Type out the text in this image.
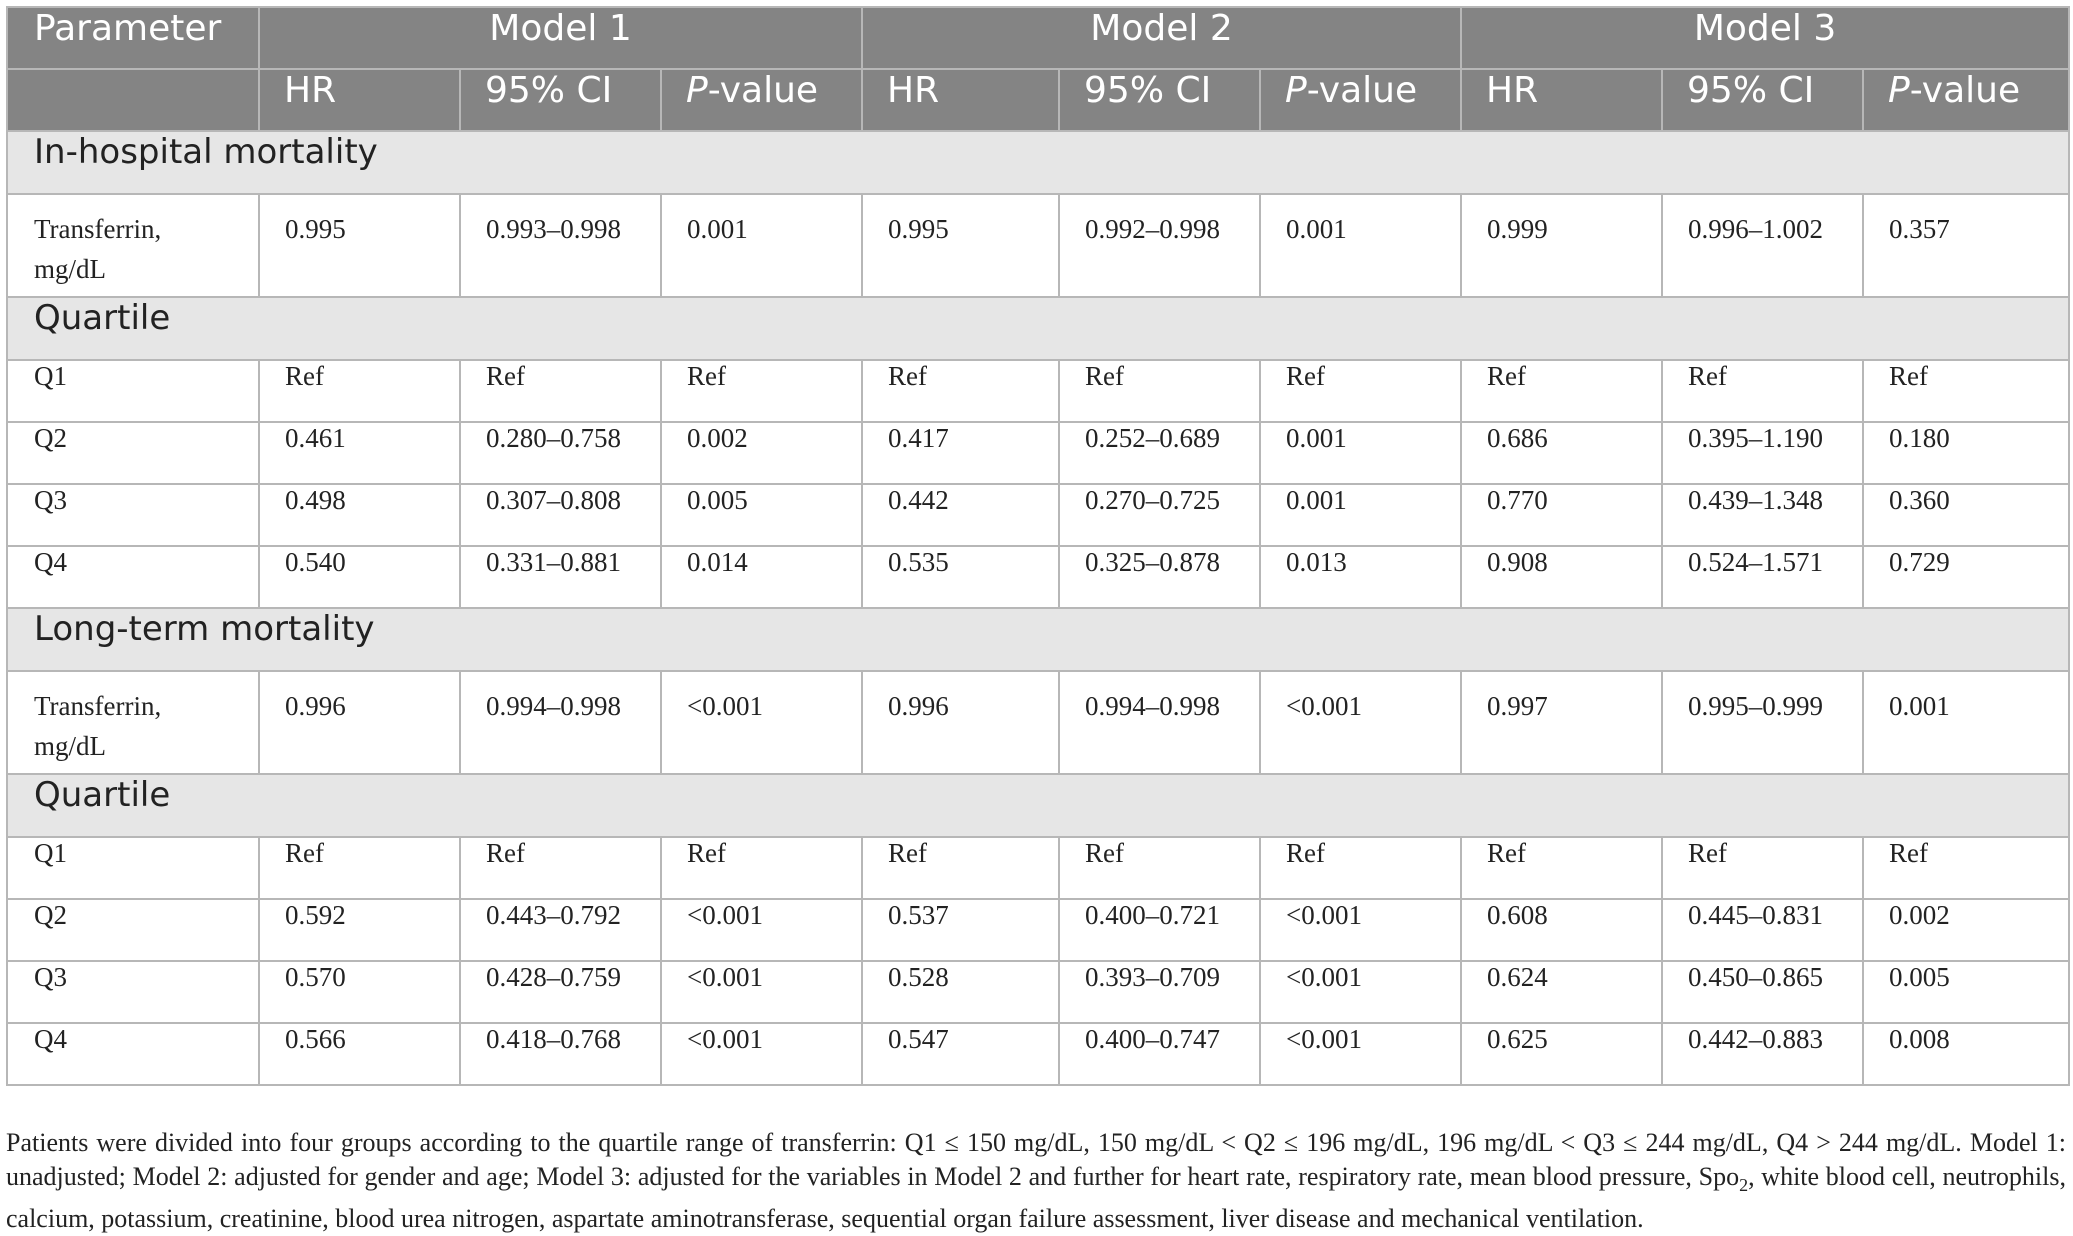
Parameter	Model 1			Model 2			Model 3		

	HR	95% CI	P-value	HR	95% CI	P-value	HR	95% CI	P-value

In-hospital mortality									

Transferrin,
mg/dL	0.995	0.993–0.998	0.001	0.995	0.992–0.998	0.001	0.999	0.996–1.002	0.357

Quartile									

Q1	Ref	Ref	Ref	Ref	Ref	Ref	Ref	Ref	Ref

Q2	0.461	0.280–0.758	0.002	0.417	0.252–0.689	0.001	0.686	0.395–1.190	0.180

Q3	0.498	0.307–0.808	0.005	0.442	0.270–0.725	0.001	0.770	0.439–1.348	0.360

Q4	0.540	0.331–0.881	0.014	0.535	0.325–0.878	0.013	0.908	0.524–1.571	0.729

Long-term mortality									

Transferrin,
mg/dL	0.996	0.994–0.998	<0.001	0.996	0.994–0.998	<0.001	0.997	0.995–0.999	0.001

Quartile									

Q1	Ref	Ref	Ref	Ref	Ref	Ref	Ref	Ref	Ref

Q2	0.592	0.443–0.792	<0.001	0.537	0.400–0.721	<0.001	0.608	0.445–0.831	0.002

Q3	0.570	0.428–0.759	<0.001	0.528	0.393–0.709	<0.001	0.624	0.450–0.865	0.005

Q4	0.566	0.418–0.768	<0.001	0.547	0.400–0.747	<0.001	0.625	0.442–0.883	0.008

Patients were divided into four groups according to the quartile range of transferrin: Q1 ≤ 150 mg/dL, 150 mg/dL < Q2 ≤ 196 mg/dL, 196 mg/dL < Q3 ≤ 244 mg/dL, Q4 > 244 mg/dL. Model 1: unadjusted; Model 2: adjusted for gender and age; Model 3: adjusted for the variables in Model 2 and further for heart rate, respiratory rate, mean blood pressure, Spo$_2$, white blood cell, neutrophils, calcium, potassium, creatinine, blood urea nitrogen, aspartate aminotransferase, sequential organ failure assessment, liver disease and mechanical ventilation.
